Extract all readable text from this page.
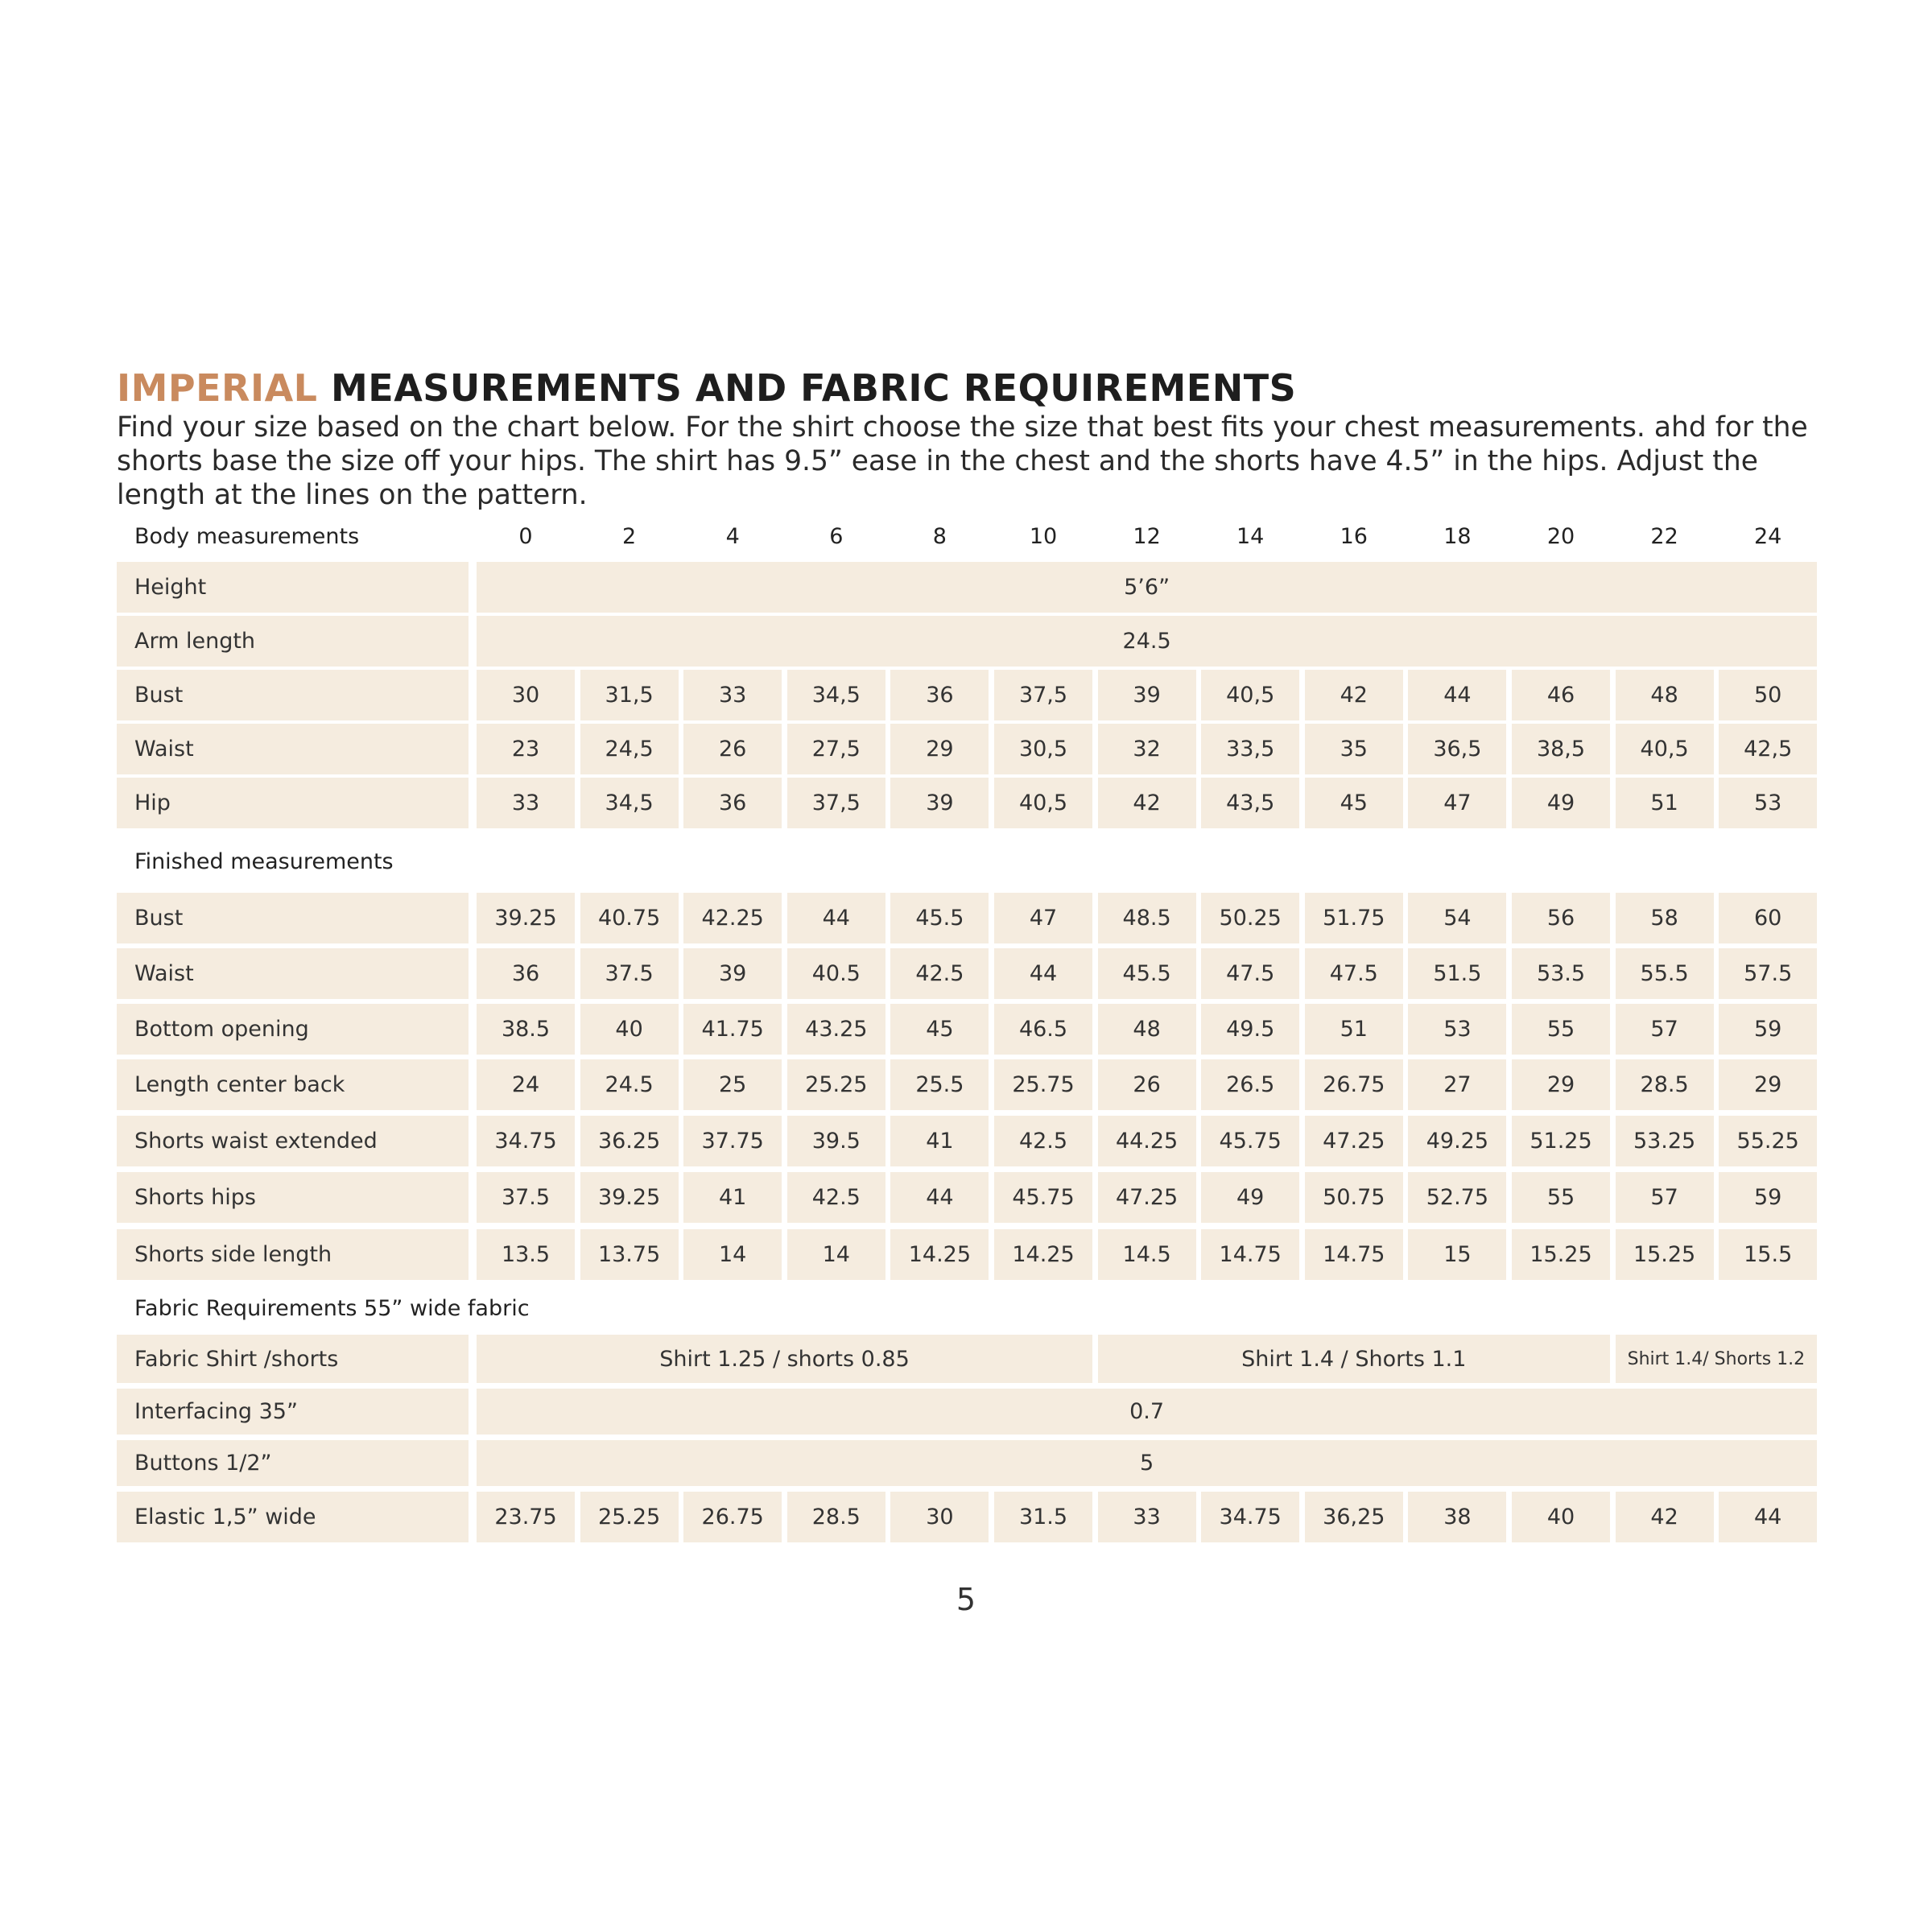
IMPERIAL MEASUREMENTS AND FABRIC REQUIREMENTS
Find your size based on the chart below. For the shirt choose the size that best fits your chest measurements. ahd for the shorts base the size off your hips. The shirt has 9.5” ease in the chest and the shorts have 4.5” in the hips. Adjust the length at the lines on the pattern.
Body measurements	0	2	4	6	8	10	12	14	16	18	20	22	24
Height	5’6”
Arm length	24.5
Bust	30	31,5	33	34,5	36	37,5	39	40,5	42	44	46	48	50
Waist	23	24,5	26	27,5	29	30,5	32	33,5	35	36,5	38,5	40,5	42,5
Hip	33	34,5	36	37,5	39	40,5	42	43,5	45	47	49	51	53
Finished measurements
Bust	39.25	40.75	42.25	44	45.5	47	48.5	50.25	51.75	54	56	58	60
Waist	36	37.5	39	40.5	42.5	44	45.5	47.5	47.5	51.5	53.5	55.5	57.5
Bottom opening	38.5	40	41.75	43.25	45	46.5	48	49.5	51	53	55	57	59
Length center back	24	24.5	25	25.25	25.5	25.75	26	26.5	26.75	27	29	28.5	29
Shorts waist extended	34.75	36.25	37.75	39.5	41	42.5	44.25	45.75	47.25	49.25	51.25	53.25	55.25
Shorts hips	37.5	39.25	41	42.5	44	45.75	47.25	49	50.75	52.75	55	57	59
Shorts side length	13.5	13.75	14	14	14.25	14.25	14.5	14.75	14.75	15	15.25	15.25	15.5
Fabric Requirements 55” wide fabric
Fabric Shirt /shorts	Shirt 1.25 / shorts 0.85	Shirt 1.4 / Shorts 1.1	Shirt 1.4/ Shorts 1.2
Interfacing 35”	0.7
Buttons 1/2”	5
Elastic 1,5” wide	23.75	25.25	26.75	28.5	30	31.5	33	34.75	36,25	38	40	42	44
5
